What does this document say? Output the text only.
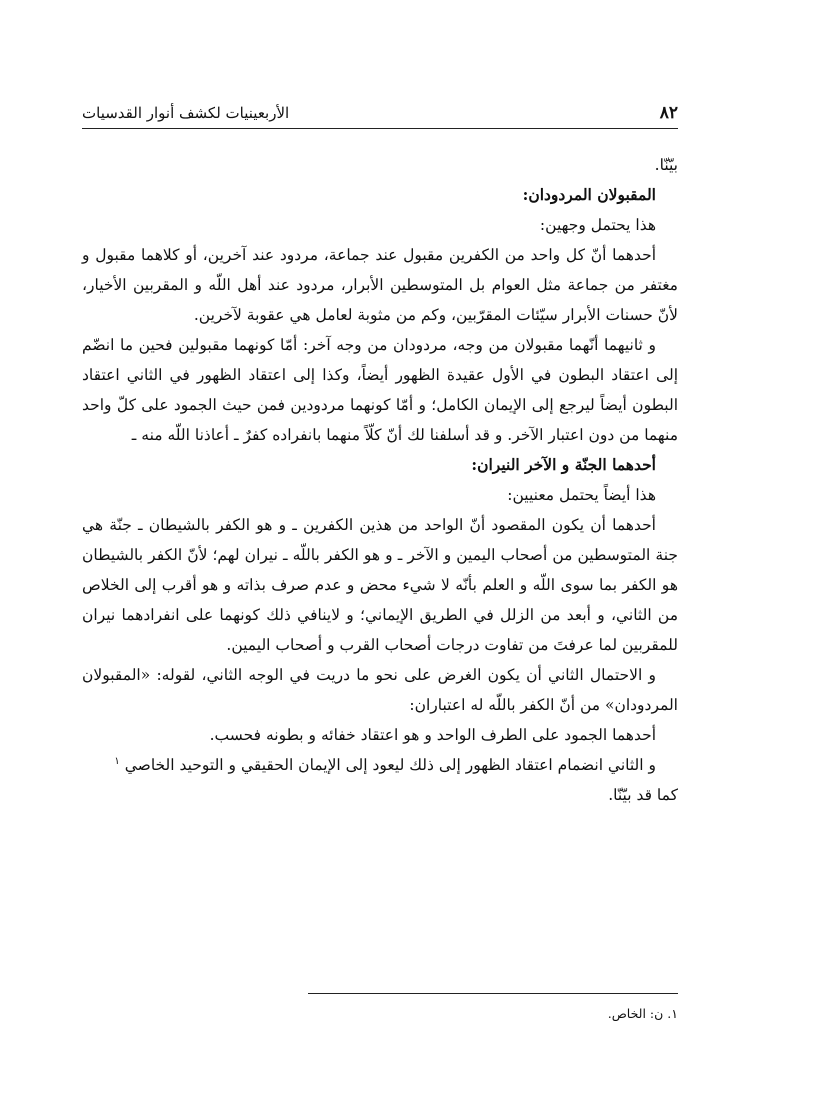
٨٢
الأربعينيات لكشف أنوار القدسيات

بيّنّا.

المقبولان المردودان:

هذا يحتمل وجهين:

أحدهما أنّ كل واحد من الكفرين مقبول عند جماعة، مردود عند آخرين، أو كلاهما مقبول و مغتفر من جماعة مثل العوام بل المتوسطين الأبرار، مردود عند أهل اللّه و المقربين الأخيار، لأنّ حسنات الأبرار سيّئات المقرّبين، وكم من مثوبة لعامل هي عقوبة لآخرين.

و ثانيهما أنّهما مقبولان من وجه، مردودان من وجه آخر: أمّا كونهما مقبولين فحين ما انضّم إلى اعتقاد البطون في الأول عقيدة الظهور أيضاً، وكذا إلى اعتقاد الظهور في الثاني اعتقاد البطون أيضاً ليرجع إلى الإيمان الكامل؛ و أمّا كونهما مردودين فمن حيث الجمود على كلّ واحد منهما من دون اعتبار الآخر. و قد أسلفنا لك أنّ كلّاً منهما بانفراده كفرٌ ـ أعاذنا اللّه منه ـ

أحدهما الجنّة و الآخر النيران:

هذا أيضاً يحتمل معنيين:

أحدهما أن يكون المقصود أنّ الواحد من هذين الكفرين ـ و هو الكفر بالشيطان ـ جنّة هي جنة المتوسطين من أصحاب اليمين و الآخر ـ و هو الكفر باللّه ـ نيران لهم؛ لأنّ الكفر بالشيطان هو الكفر بما سوى اللّه و العلم بأنّه لا شيء محض و عدم صرف بذاته و هو أقرب إلى الخلاص من الثاني، و أبعد من الزلل في الطريق الإيماني؛ و لاينافي ذلك كونهما على انفرادهما نيران للمقربين لما عرفتَ من تفاوت درجات أصحاب القرب و أصحاب اليمين.

و الاحتمال الثاني أن يكون الغرض على نحو ما دريت في الوجه الثاني، لقوله: «المقبولان المردودان» من أنّ الكفر باللّه له اعتباران:

أحدهما الجمود على الطرف الواحد و هو اعتقاد خفائه و بطونه فحسب.

و الثاني انضمام اعتقاد الظهور إلى ذلك ليعود إلى الإيمان الحقيقي و التوحيد الخاصي $^١$

كما قد بيّنّا.

١. ن: الخاص.
